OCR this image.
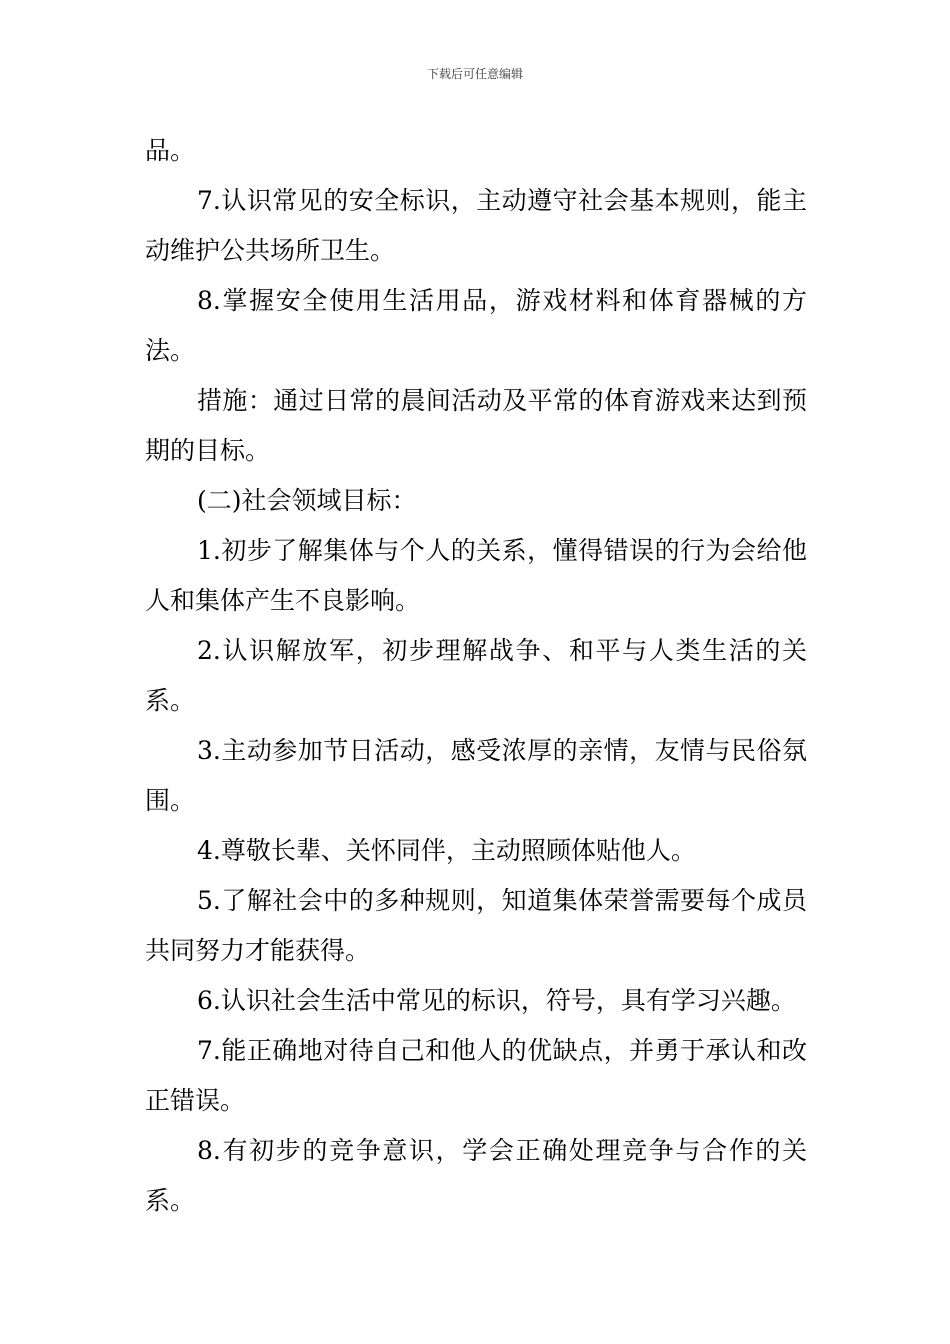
下载后可任意编辑

品。

7.认识常见的安全标识，主动遵守社会基本规则，能主动维护公共场所卫生。

8.掌握安全使用生活用品，游戏材料和体育器械的方法。

措施：通过日常的晨间活动及平常的体育游戏来达到预期的目标。

(二)社会领域目标：

1.初步了解集体与个人的关系，懂得错误的行为会给他人和集体产生不良影响。

2.认识解放军，初步理解战争、和平与人类生活的关系。

3.主动参加节日活动，感受浓厚的亲情，友情与民俗氛围。

4.尊敬长辈、关怀同伴，主动照顾体贴他人。

5.了解社会中的多种规则，知道集体荣誉需要每个成员共同努力才能获得。

6.认识社会生活中常见的标识，符号，具有学习兴趣。

7.能正确地对待自己和他人的优缺点，并勇于承认和改正错误。

8.有初步的竞争意识，学会正确处理竞争与合作的关系。
